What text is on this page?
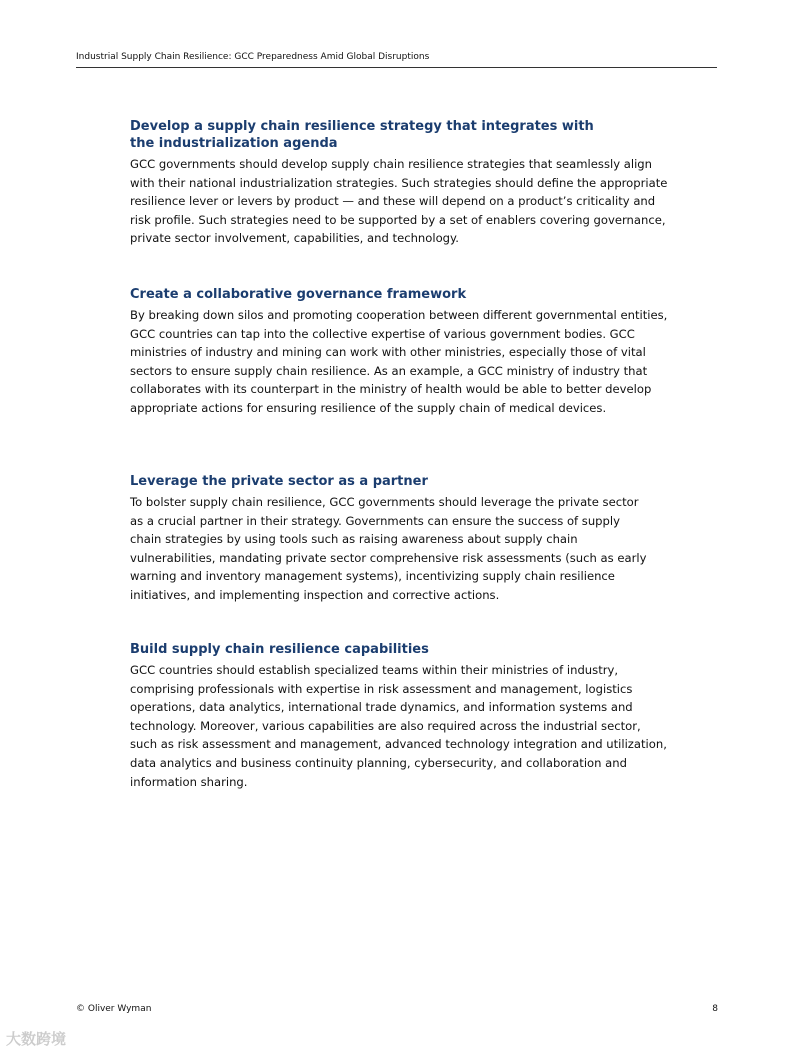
Industrial Supply Chain Resilience: GCC Preparedness Amid Global Disruptions
Develop a supply chain resilience strategy that integrates with the industrialization agenda

GCC governments should develop supply chain resilience strategies that seamlessly align with their national industrialization strategies. Such strategies should define the appropriate resilience lever or levers by product — and these will depend on a product’s criticality and risk profile. Such strategies need to be supported by a set of enablers covering governance, private sector involvement, capabilities, and technology.

Create a collaborative governance framework

By breaking down silos and promoting cooperation between different governmental entities, GCC countries can tap into the collective expertise of various government bodies. GCC ministries of industry and mining can work with other ministries, especially those of vital sectors to ensure supply chain resilience. As an example, a GCC ministry of industry that collaborates with its counterpart in the ministry of health would be able to better develop appropriate actions for ensuring resilience of the supply chain of medical devices.

Leverage the private sector as a partner

To bolster supply chain resilience, GCC governments should leverage the private sector as a crucial partner in their strategy. Governments can ensure the success of supply chain strategies by using tools such as raising awareness about supply chain vulnerabilities, mandating private sector comprehensive risk assessments (such as early warning and inventory management systems), incentivizing supply chain resilience initiatives, and implementing inspection and corrective actions.

Build supply chain resilience capabilities

GCC countries should establish specialized teams within their ministries of industry, comprising professionals with expertise in risk assessment and management, logistics operations, data analytics, international trade dynamics, and information systems and technology. Moreover, various capabilities are also required across the industrial sector, such as risk assessment and management, advanced technology integration and utilization, data analytics and business continuity planning, cybersecurity, and collaboration and information sharing.

© Oliver Wyman	8
大数跨境
